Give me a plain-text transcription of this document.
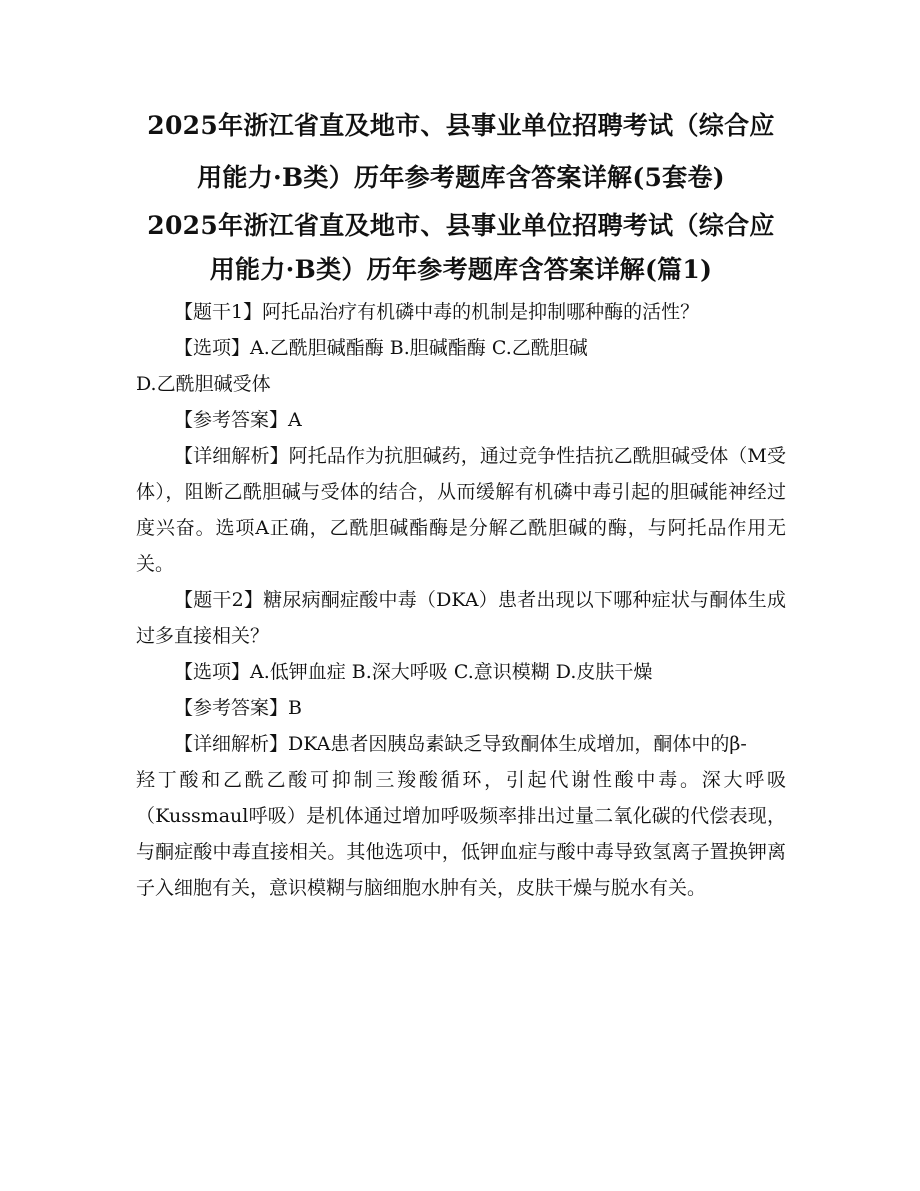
2025年浙江省直及地市、县事业单位招聘考试（综合应用能力·B类）历年参考题库含答案详解(5套卷)
2025年浙江省直及地市、县事业单位招聘考试（综合应用能力·B类）历年参考题库含答案详解(篇1)

【题干1】阿托品治疗有机磷中毒的机制是抑制哪种酶的活性？

【选项】A.乙酰胆碱酯酶 B.胆碱酯酶 C.乙酰胆碱

D.乙酰胆碱受体

【参考答案】A

【详细解析】阿托品作为抗胆碱药，通过竞争性拮抗乙酰胆碱受体（M受体），阻断乙酰胆碱与受体的结合，从而缓解有机磷中毒引起的胆碱能神经过度兴奋。选项A正确，乙酰胆碱酯酶是分解乙酰胆碱的酶，与阿托品作用无关。

【题干2】糖尿病酮症酸中毒（DKA）患者出现以下哪种症状与酮体生成过多直接相关？

【选项】A.低钾血症 B.深大呼吸 C.意识模糊 D.皮肤干燥

【参考答案】B

【详细解析】DKA患者因胰岛素缺乏导致酮体生成增加，酮体中的β-

羟丁酸和乙酰乙酸可抑制三羧酸循环，引起代谢性酸中毒。深大呼吸（Kussmaul呼吸）是机体通过增加呼吸频率排出过量二氧化碳的代偿表现，与酮症酸中毒直接相关。其他选项中，低钾血症与酸中毒导致氢离子置换钾离子入细胞有关，意识模糊与脑细胞水肿有关，皮肤干燥与脱水有关。
